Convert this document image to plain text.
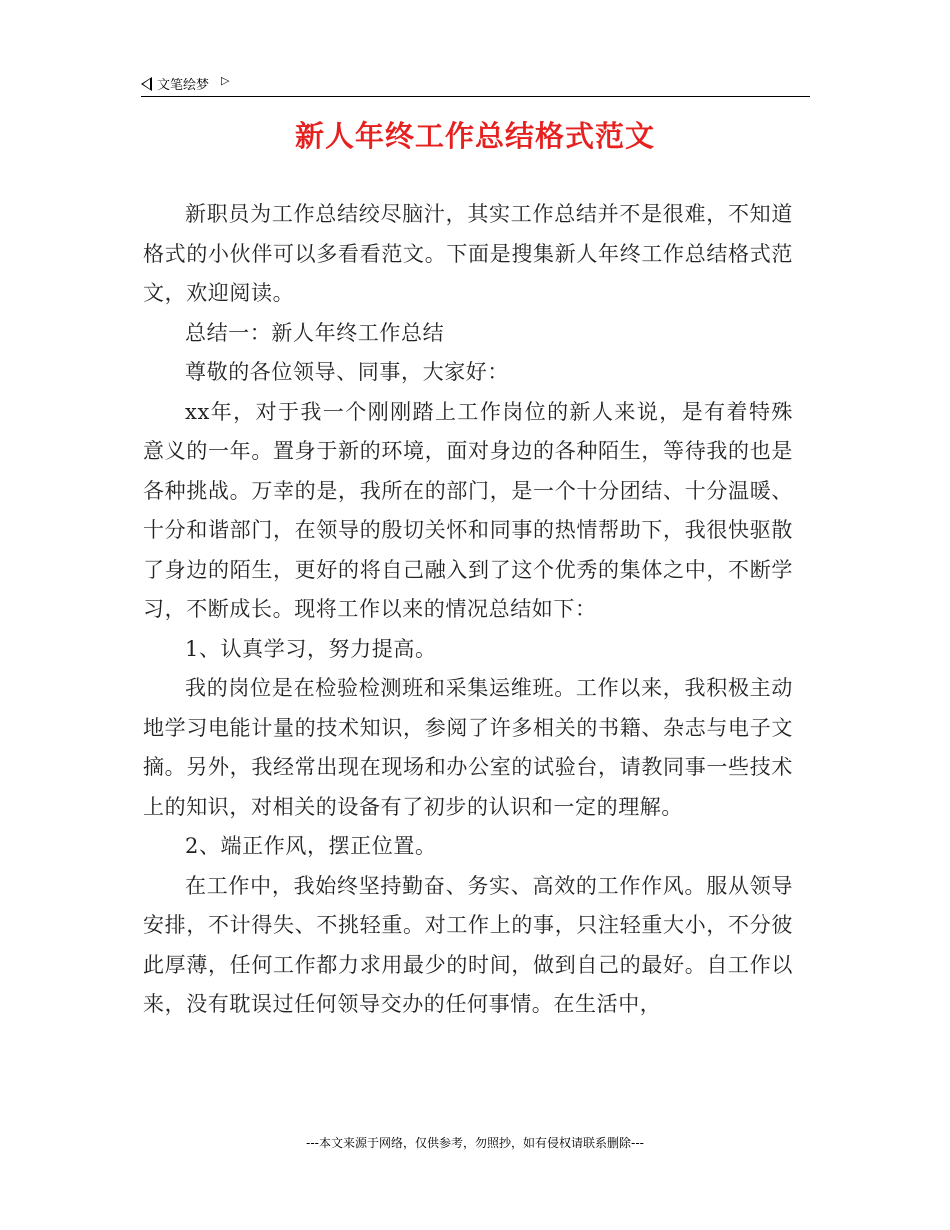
文笔绘梦 ▷
新人年终工作总结格式范文

新职员为工作总结绞尽脑汁，其实工作总结并不是很难，不知道格式的小伙伴可以多看看范文。下面是搜集新人年终工作总结格式范文，欢迎阅读。

总结一：新人年终工作总结

尊敬的各位领导、同事，大家好：

xx年，对于我一个刚刚踏上工作岗位的新人来说，是有着特殊意义的一年。置身于新的环境，面对身边的各种陌生，等待我的也是各种挑战。万幸的是，我所在的部门，是一个十分团结、十分温暖、十分和谐部门，在领导的殷切关怀和同事的热情帮助下，我很快驱散了身边的陌生，更好的将自己融入到了这个优秀的集体之中，不断学习，不断成长。现将工作以来的情况总结如下：

1、认真学习，努力提高。

我的岗位是在检验检测班和采集运维班。工作以来，我积极主动地学习电能计量的技术知识，参阅了许多相关的书籍、杂志与电子文摘。另外，我经常出现在现场和办公室的试验台，请教同事一些技术上的知识，对相关的设备有了初步的认识和一定的理解。

2、端正作风，摆正位置。

在工作中，我始终坚持勤奋、务实、高效的工作作风。服从领导安排，不计得失、不挑轻重。对工作上的事，只注轻重大小，不分彼此厚薄，任何工作都力求用最少的时间，做到自己的最好。自工作以来，没有耽误过任何领导交办的任何事情。在生活中，

---本文来源于网络，仅供参考，勿照抄，如有侵权请联系删除---
